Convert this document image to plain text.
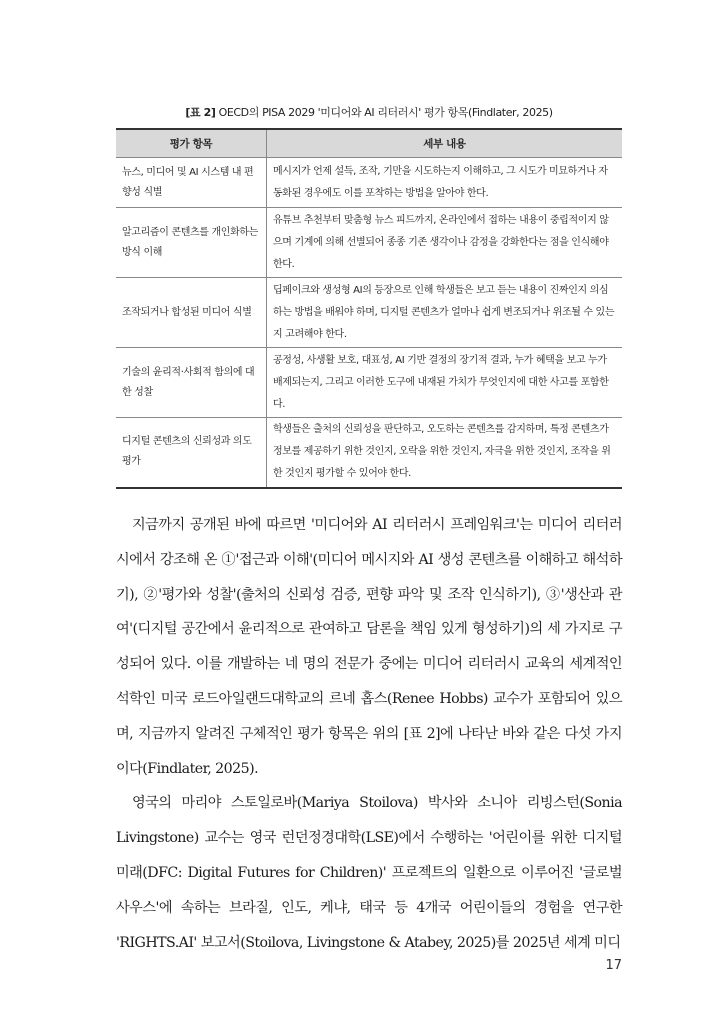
[표 2] OECD의 PISA 2029 '미디어와 AI 리터러시' 평가 항목(Findlater, 2025)
평가 항목	세부 내용
뉴스, 미디어 및 AI 시스템 내 편향성 식별	메시지가 언제 설득, 조작, 기만을 시도하는지 이해하고, 그 시도가 미묘하거나 자동화된 경우에도 이를 포착하는 방법을 알아야 한다.
알고리즘이 콘텐츠를 개인화하는 방식 이해	유튜브 추천부터 맞춤형 뉴스 피드까지, 온라인에서 접하는 내용이 중립적이지 않으며 기계에 의해 선별되어 종종 기존 생각이나 감정을 강화한다는 점을 인식해야 한다.
조작되거나 합성된 미디어 식별	딥페이크와 생성형 AI의 등장으로 인해 학생들은 보고 듣는 내용이 진짜인지 의심하는 방법을 배워야 하며, 디지털 콘텐츠가 얼마나 쉽게 변조되거나 위조될 수 있는지 고려해야 한다.
기술의 윤리적·사회적 함의에 대한 성찰	공정성, 사생활 보호, 대표성, AI 기반 결정의 장기적 결과, 누가 혜택을 보고 누가 배제되는지, 그리고 이러한 도구에 내재된 가치가 무엇인지에 대한 사고를 포함한다.
디지털 콘텐츠의 신뢰성과 의도 평가	학생들은 출처의 신뢰성을 판단하고, 오도하는 콘텐츠를 감지하며, 특정 콘텐츠가 정보를 제공하기 위한 것인지, 오락을 위한 것인지, 자극을 위한 것인지, 조작을 위한 것인지 평가할 수 있어야 한다.

지금까지 공개된 바에 따르면 '미디어와 AI 리터러시 프레임워크'는 미디어 리터러시에서 강조해 온 ①'접근과 이해'(미디어 메시지와 AI 생성 콘텐츠를 이해하고 해석하기), ②'평가와 성찰'(출처의 신뢰성 검증, 편향 파악 및 조작 인식하기), ③'생산과 관여'(디지털 공간에서 윤리적으로 관여하고 담론을 책임 있게 형성하기)의 세 가지로 구성되어 있다. 이를 개발하는 네 명의 전문가 중에는 미디어 리터러시 교육의 세계적인 석학인 미국 로드아일랜드대학교의 르네 홉스(Renee Hobbs) 교수가 포함되어 있으며, 지금까지 알려진 구체적인 평가 항목은 위의 [표 2]에 나타난 바와 같은 다섯 가지이다(Findlater, 2025).

영국의 마리야 스토일로바(Mariya Stoilova) 박사와 소니아 리빙스턴(Sonia Livingstone) 교수는 영국 런던정경대학(LSE)에서 수행하는 '어린이를 위한 디지털 미래(DFC: Digital Futures for Children)' 프로젝트의 일환으로 이루어진 '글로벌 사우스'에 속하는 브라질, 인도, 케냐, 태국 등 4개국 어린이들의 경험을 연구한 'RIGHTS.AI' 보고서(Stoilova, Livingstone & Atabey, 2025)를 2025년 세계 미디

17
